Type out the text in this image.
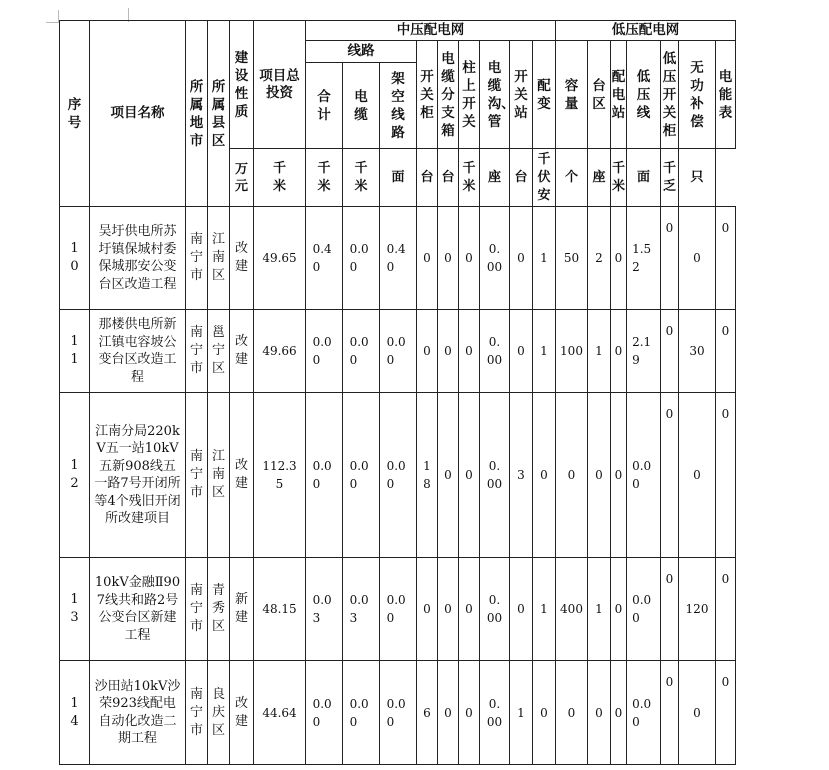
序号	项目名称	所属地市	所属县区	建设性质	项目总投资	中压配电网									低压配电网						
						线路			开关柜	电缆分支箱	柱上开关	电缆沟、管	开关站	配变	容量	台区	配电站	低压线	低压开关柜	无功补偿	电能表

						合计	电缆	架空线路													

				万元	千米	千米	千米	面	台	台	千米	座	台	千伏安	个	座	千米	面	千乏	只	

10	吴圩供电所苏圩镇保城村委保城那安公变台区改造工程	南宁市	江南区	改建	49.65	0.40	0.00	0.40	0	0	0	0.00	0	1	50	2	0	1.52	0	0	0

11	那楼供电所新江镇屯容坡公变台区改造工程	南宁市	邕宁区	改建	49.66	0.00	0.00	0.00	0	0	0	0.00	0	1	100	1	0	2.19	0	30	0

12	江南分局220kV五一站10kV五新908线五一路7号开闭所等4个残旧开闭所改建项目	南宁市	江南区	改建	112.35	0.00	0.00	0.00	18	0	0	0.00	3	0	0	0	0	0.00	0	0	0

13	10kV金融Ⅱ907线共和路2号公变台区新建工程	南宁市	青秀区	新建	48.15	0.03	0.03	0.00	0	0	0	0.00	0	1	400	1	0	0.00	0	120	0

14	沙田站10kV沙荣923线配电自动化改造二期工程	南宁市	良庆区	改建	44.64	0.00	0.00	0.00	6	0	0	0.00	1	0	0	0	0	0.00	0	0	0
